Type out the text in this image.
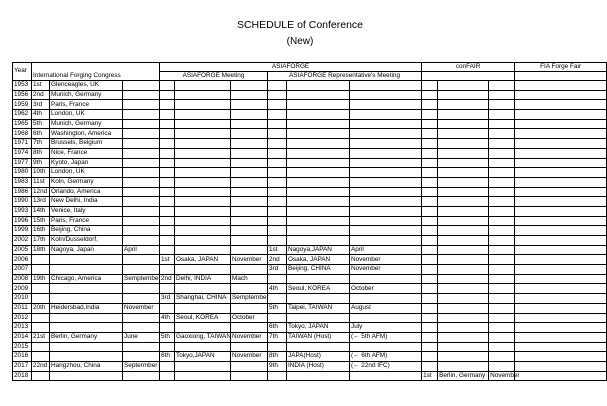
SCHEDULE of Conference
(New)
Year				ASIAFORGE						conFAIR			FIA Forge Fair
	International Forging Congress			ASIAFORGE Meeting			ASIAFORGE Representative's Meeting						
1953	1st	Glenceagles, UK											
1956	2nd	Munich, Germany											
1959	3rd	Paris, France											
1962	4th	London, UK											
1965	5th	Munich, Germany											
1968	6th	Washington, America											
1971	7th	Brussels, Belgium											
1974	8th	Nice, France											
1977	9th	Kyoto, Japan											
1980	10th	London, UK											
1983	11st	Koln, Germany											
1986	12nd	Orlando, America											
1990	13rd	New Delhi, India											
1993	14th	Venice, Italy											
1996	15th	Paris, France											
1999	16th	Beijing, China											
2002	17th	Koln/Dusseldorf,											
2005	18th	Nagoya, Japan	April				1st	Nagoya,JAPAN	April				
2006				1st	Osaka, JAPAN	November	2nd	Osaka, JAPAN	November				
2007							3rd	Beijing, CHINA	November				
2008	19th	Chicago, America	Semptember	2nd	Delhi, INDIA	Mach							
2009							4th	Seoul, KOREA	October				
2010				3rd	Shanghai, CHINA	Semptember							
2011	20th	Heidersbad,India	November				5th	Taipei, TAIWAN	August				
2012				4th	Seoul, KOREA	October							
2013							6th	Tokyo, JAPAN	July				
2014	21st	Berlin, Germany	June	5th	Gaoxiong, TAIWAN	November	7th	TAIWAN (Host)	(← 5th AFM)				
2015													
2016				6th	Tokyo,JAPAN	November	8th	JAPA(Host)	(← 6th AFM)				
2017	22nd	Hangzhou, China	Septermber				9th	INDIA (Host)	(← 22nd IFC)				
2018										1st	Berlin, Germany	November	
